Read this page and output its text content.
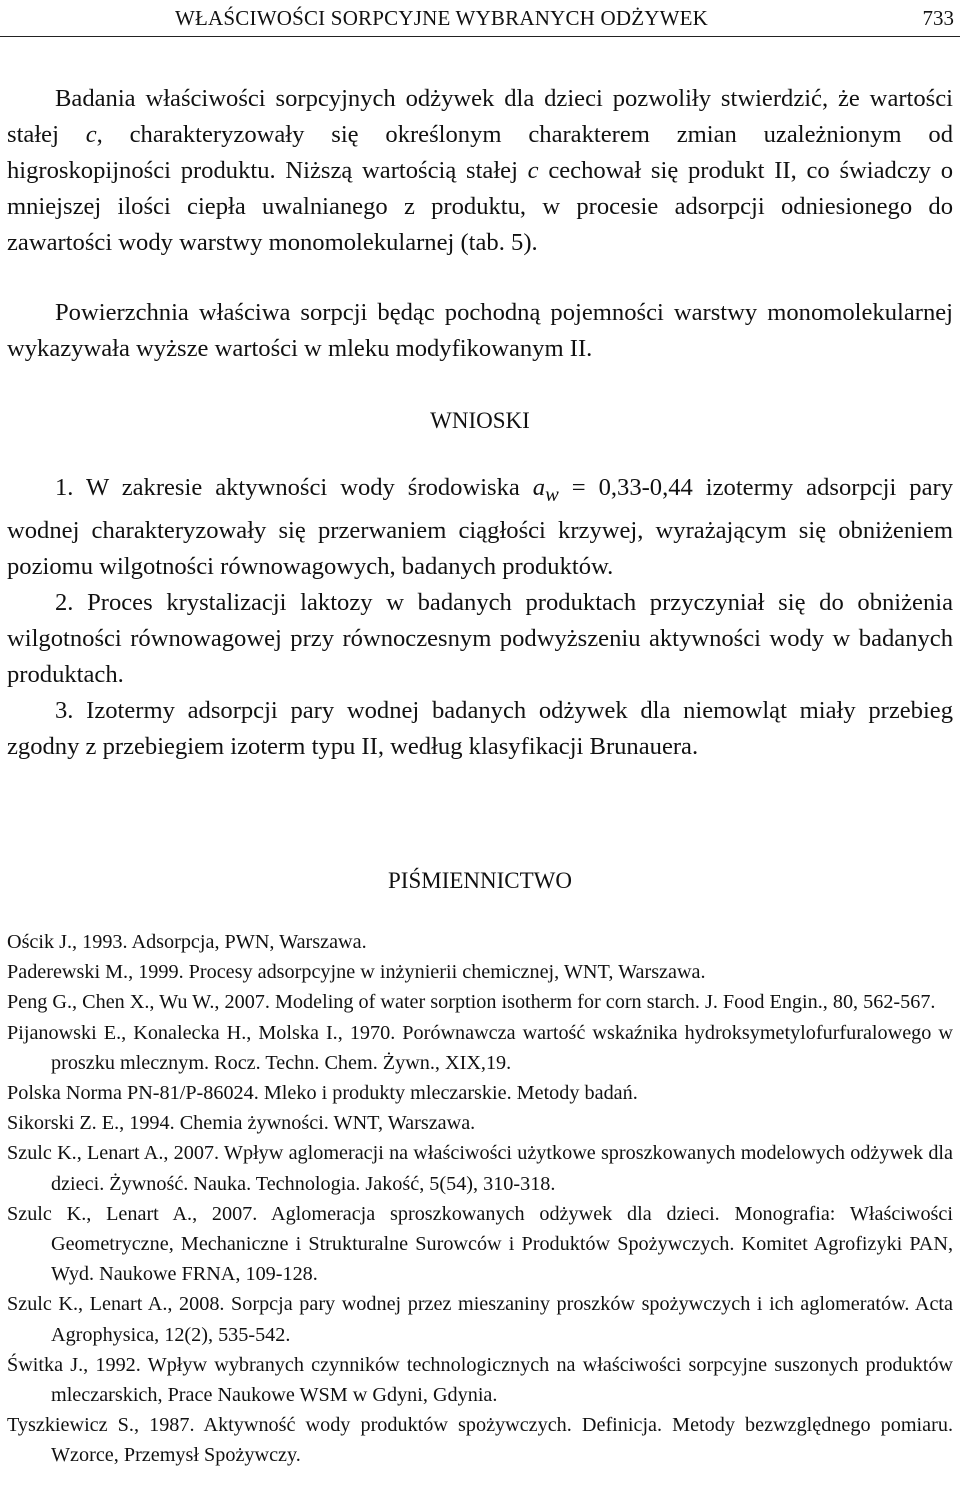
WŁAŚCIWOŚCI SORPCYJNE WYBRANYCH ODŻYWEK	733

Badania właściwości sorpcyjnych odżywek dla dzieci pozwoliły stwierdzić, że wartości stałej c, charakteryzowały się określonym charakterem zmian uzależnionym od higroskopijności produktu. Niższą wartością stałej c cechował się produkt II, co świadczy o mniejszej ilości ciepła uwalnianego z produktu, w procesie adsorpcji odniesionego do zawartości wody warstwy monomolekularnej (tab. 5).

Powierzchnia właściwa sorpcji będąc pochodną pojemności warstwy monomolekularnej wykazywała wyższe wartości w mleku modyfikowanym II.

WNIOSKI

1. W zakresie aktywności wody środowiska $a_w = 0,33-0,44$ izotermy adsorpcji pary wodnej charakteryzowały się przerwaniem ciągłości krzywej, wyrażającym się obniżeniem poziomu wilgotności równowagowych, badanych produktów.

2. Proces krystalizacji laktozy w badanych produktach przyczyniał się do obniżenia wilgotności równowagowej przy równoczesnym podwyższeniu aktywności wody w badanych produktach.

3. Izotermy adsorpcji pary wodnej badanych odżywek dla niemowląt miały przebieg zgodny z przebiegiem izoterm typu II, według klasyfikacji Brunauera.

PIŚMIENNICTWO
Ościk J., 1993. Adsorpcja, PWN, Warszawa.
Paderewski M., 1999. Procesy adsorpcyjne w inżynierii chemicznej, WNT, Warszawa.
Peng G., Chen X., Wu W., 2007. Modeling of water sorption isotherm for corn starch. J. Food Engin., 80, 562-567.
Pijanowski E., Konalecka H., Molska I., 1970. Porównawcza wartość wskaźnika hydroksymetylofurfuralowego w proszku mlecznym. Rocz. Techn. Chem. Żywn., XIX,19.
Polska Norma PN-81/P-86024. Mleko i produkty mleczarskie. Metody badań.
Sikorski Z. E., 1994. Chemia żywności. WNT, Warszawa.
Szulc K., Lenart A., 2007. Wpływ aglomeracji na właściwości użytkowe sproszkowanych modelowych odżywek dla dzieci. Żywność. Nauka. Technologia. Jakość, 5(54), 310-318.
Szulc K., Lenart A., 2007. Aglomeracja sproszkowanych odżywek dla dzieci. Monografia: Właściwości Geometryczne, Mechaniczne i Strukturalne Surowców i Produktów Spożywczych. Komitet Agrofizyki PAN, Wyd. Naukowe FRNA, 109-128.
Szulc K., Lenart A., 2008. Sorpcja pary wodnej przez mieszaniny proszków spożywczych i ich aglomeratów. Acta Agrophysica, 12(2), 535-542.
Świtka J., 1992. Wpływ wybranych czynników technologicznych na właściwości sorpcyjne suszonych produktów mleczarskich, Prace Naukowe WSM w Gdyni, Gdynia.
Tyszkiewicz S., 1987. Aktywność wody produktów spożywczych. Definicja. Metody bezwzględnego pomiaru. Wzorce, Przemysł Spożywczy.
